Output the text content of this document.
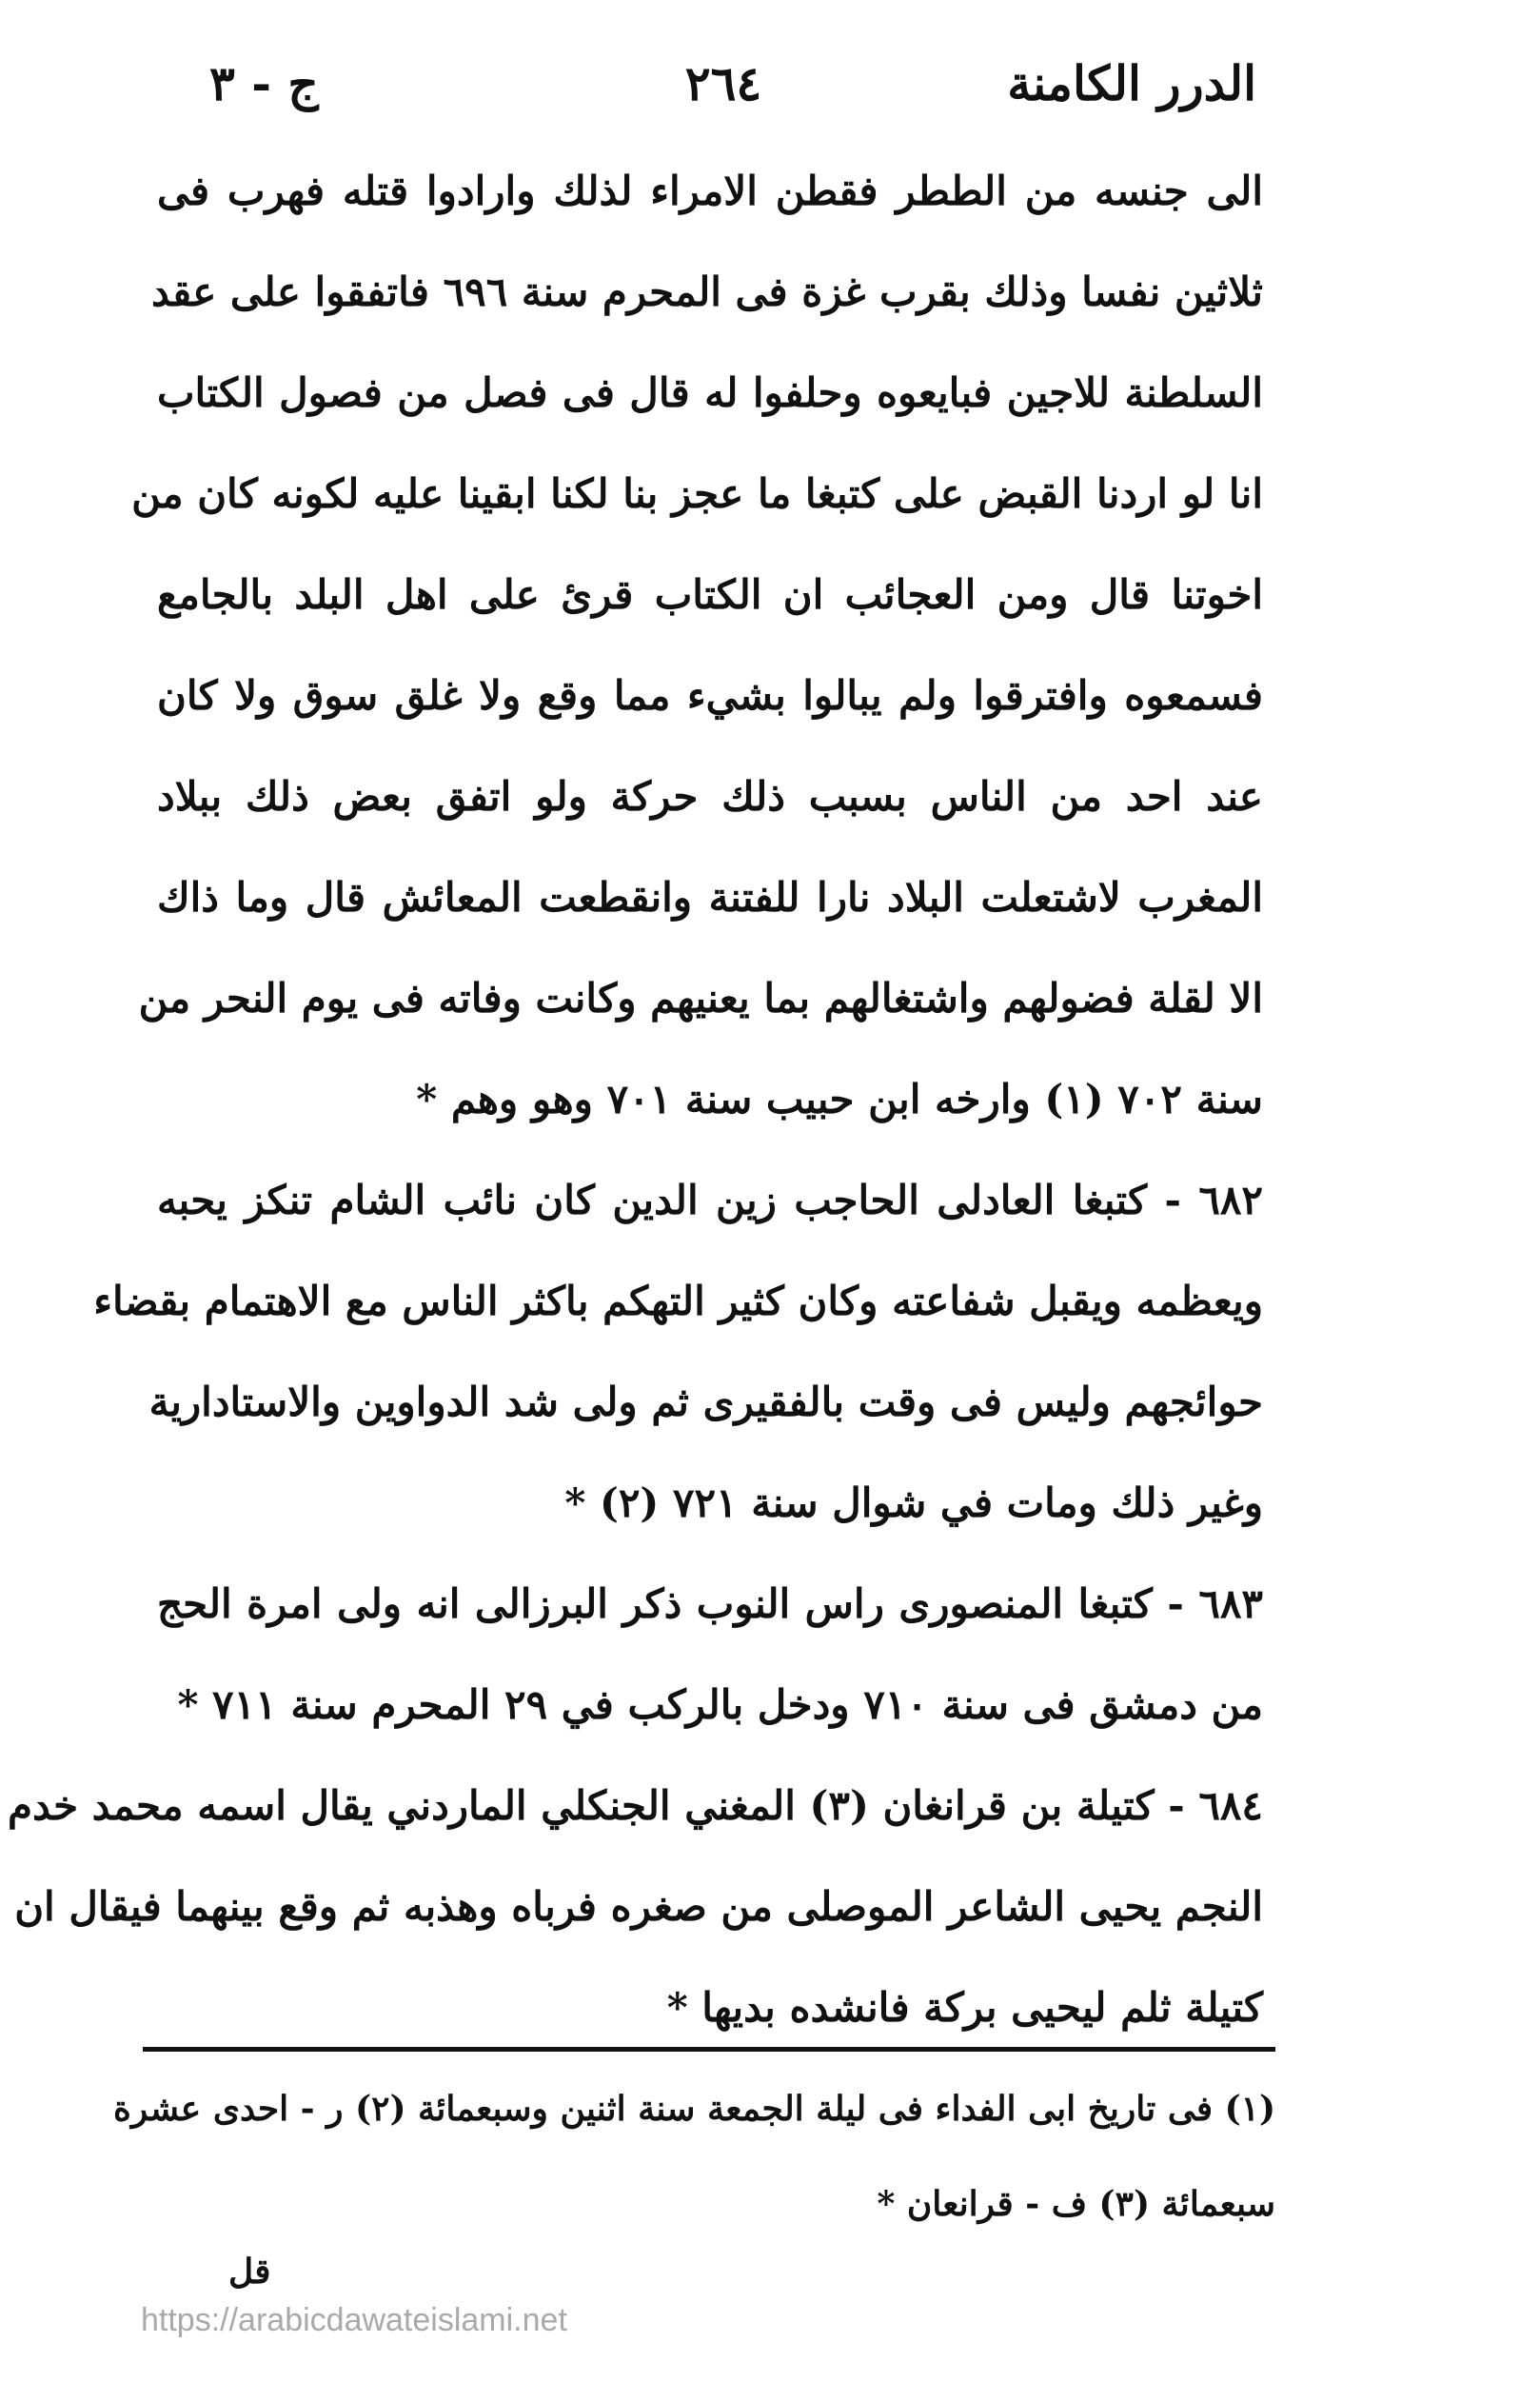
الدرر الكامنة
٢٦٤
ج - ٣
الى جنسه من الططر فقطن الامراء لذلك وارادوا قتله فهرب فى
ثلاثين نفسا وذلك بقرب غزة فى المحرم سنة ٦٩٦ فاتفقوا على عقد
السلطنة للاجين فبايعوه وحلفوا له قال فى فصل من فصول الكتاب
انا لو اردنا القبض على كتبغا ما عجز بنا لكنا ابقينا عليه لكونه كان من
اخوتنا قال ومن العجائب ان الكتاب قرئ على اهل البلد بالجامع
فسمعوه وافترقوا ولم يبالوا بشيء مما وقع ولا غلق سوق ولا كان
عند احد من الناس بسبب ذلك حركة ولو اتفق بعض ذلك ببلاد
المغرب لاشتعلت البلاد نارا للفتنة وانقطعت المعائش قال وما ذاك
الا لقلة فضولهم واشتغالهم بما يعنيهم وكانت وفاته فى يوم النحر من
سنة ٧٠٢ (١) وارخه ابن حبيب سنة ٧٠١ وهو وهم *
٦٨٢ - كتبغا العادلى الحاجب زين الدين كان نائب الشام تنكز يحبه
ويعظمه ويقبل شفاعته وكان كثير التهكم باكثر الناس مع الاهتمام بقضاء
حوائجهم وليس فى وقت بالفقيرى ثم ولى شد الدواوين والاستادارية
وغير ذلك ومات في شوال سنة ٧٢١ (٢) *
٦٨٣ - كتبغا المنصورى راس النوب ذكر البرزالى انه ولى امرة الحج
من دمشق فى سنة ٧١٠ ودخل بالركب في ٢٩ المحرم سنة ٧١١ *
٦٨٤ - كتيلة بن قرانغان (٣) المغني الجنكلي الماردني يقال اسمه محمد خدم
النجم يحيى الشاعر الموصلى من صغره فرباه وهذبه ثم وقع بينهما فيقال ان
كتيلة ثلم ليحيى بركة فانشده بديها *
(١) فى تاريخ ابى الفداء فى ليلة الجمعة سنة اثنين وسبعمائة (٢) ر - احدى عشرة
سبعمائة (٣) ف - قرانعان *
قل
https://arabicdawateislami.net
